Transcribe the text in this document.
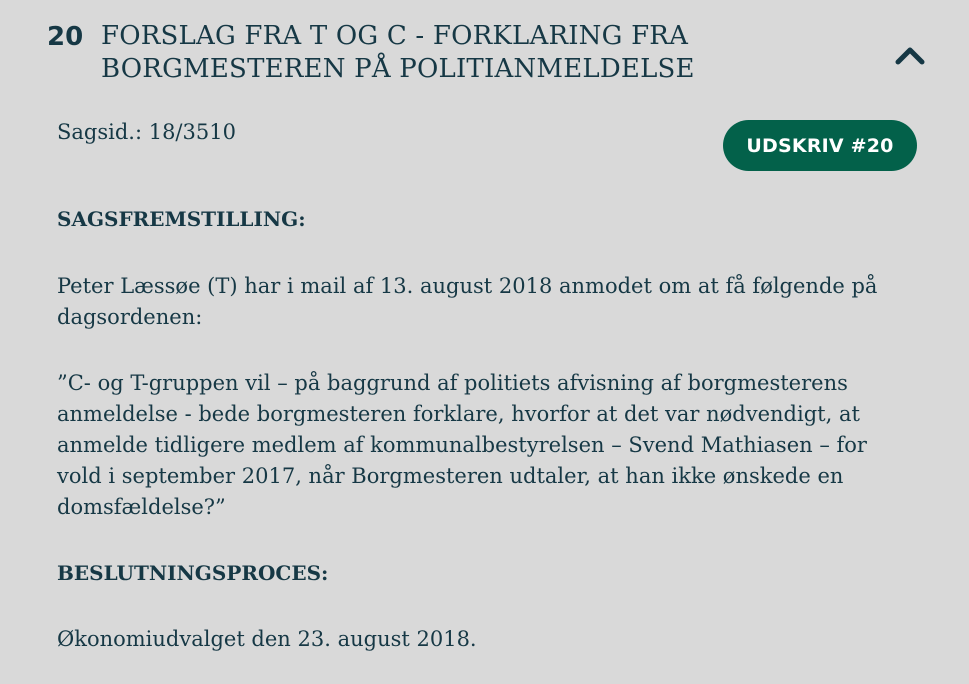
20 FORSLAG FRA T OG C - FORKLARING FRA BORGMESTEREN PÅ POLITIANMELDELSE
Sagsid.: 18/3510
UDSKRIV #20
SAGSFREMSTILLING:
Peter Læssøe (T) har i mail af 13. august 2018 anmodet om at få følgende på dagsordenen:
”C- og T-gruppen vil – på baggrund af politiets afvisning af borgmesterens anmeldelse - bede borgmesteren forklare, hvorfor at det var nødvendigt, at anmelde tidligere medlem af kommunalbestyrelsen – Svend Mathiasen – for vold i september 2017, når Borgmesteren udtaler, at han ikke ønskede en domsfældelse?”
BESLUTNINGSPROCES:
Økonomiudvalget den 23. august 2018.
